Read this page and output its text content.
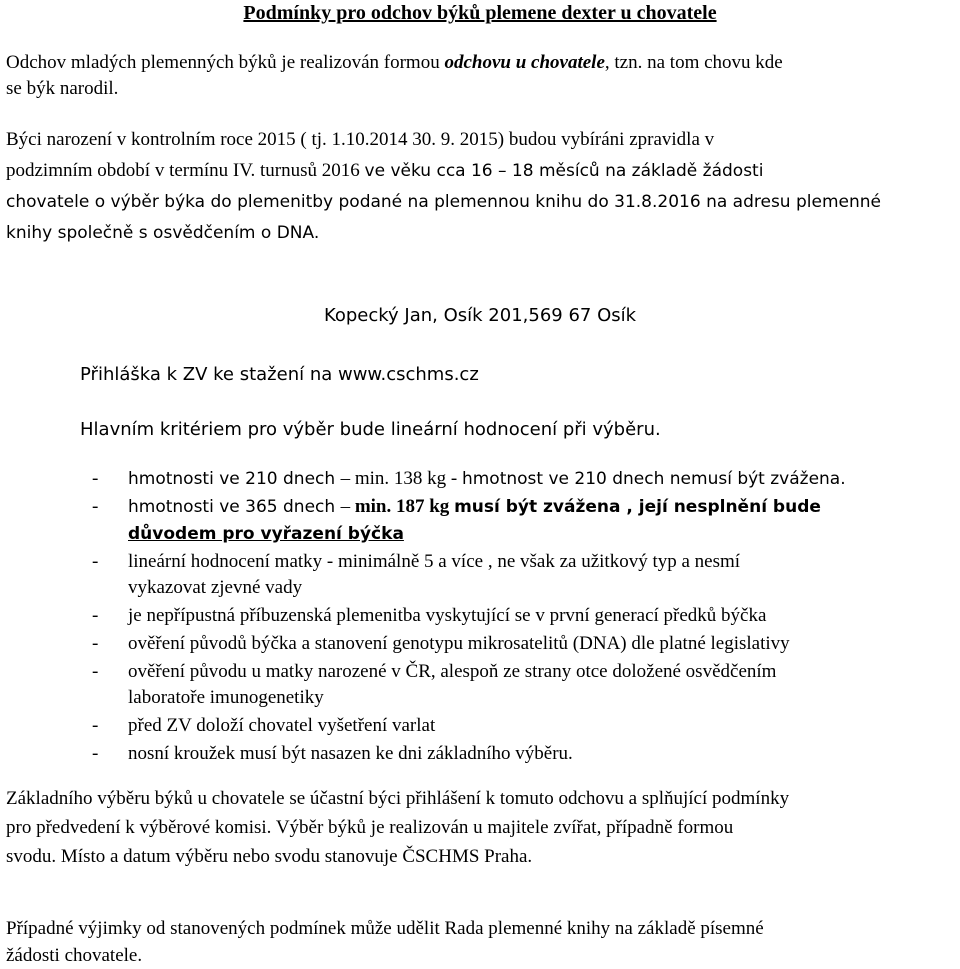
Podmínky pro odchov býků plemene dexter u chovatele
Odchov mladých plemenných býků je realizován formou odchovu u chovatele, tzn. na tom chovu kde
se býk narodil.
Býci narození v kontrolním roce 2015 ( tj. 1.10.2014 30. 9. 2015) budou vybíráni zpravidla v
podzimním období v termínu IV. turnusů 2016 ve věku cca 16 – 18 měsíců na základě žádosti
chovatele o výběr býka do plemenitby podané na plemennou knihu do 31.8.2016 na adresu plemenné
knihy společně s osvědčením o DNA.
Kopecký Jan, Osík 201,569 67 Osík
Přihláška k ZV ke stažení na www.cschms.cz
Hlavním kritériem pro výběr bude lineární hodnocení při výběru.
- hmotnosti ve 210 dnech – min. 138 kg - hmotnost ve 210 dnech nemusí být zvážena.
- hmotnosti ve 365 dnech – min. 187 kg musí být zvážena , její nesplnění bude
důvodem pro vyřazení býčka
- lineární hodnocení matky - minimálně 5 a více , ne však za užitkový typ a nesmí
vykazovat zjevné vady
- je nepřípustná příbuzenská plemenitba vyskytující se v první generací předků býčka
- ověření původů býčka a stanovení genotypu mikrosatelitů (DNA) dle platné legislativy
- ověření původu u matky narozené v ČR, alespoň ze strany otce doložené osvědčením
laboratoře imunogenetiky
- před ZV doloží chovatel vyšetření varlat
- nosní kroužek musí být nasazen ke dni základního výběru.
Základního výběru býků u chovatele se účastní býci přihlášení k tomuto odchovu a splňující podmínky
pro předvedení k výběrové komisi. Výběr býků je realizován u majitele zvířat, případně formou
svodu. Místo a datum výběru nebo svodu stanovuje ČSCHMS Praha.
Případné výjimky od stanovených podmínek může udělit Rada plemenné knihy na základě písemné
žádosti chovatele.
